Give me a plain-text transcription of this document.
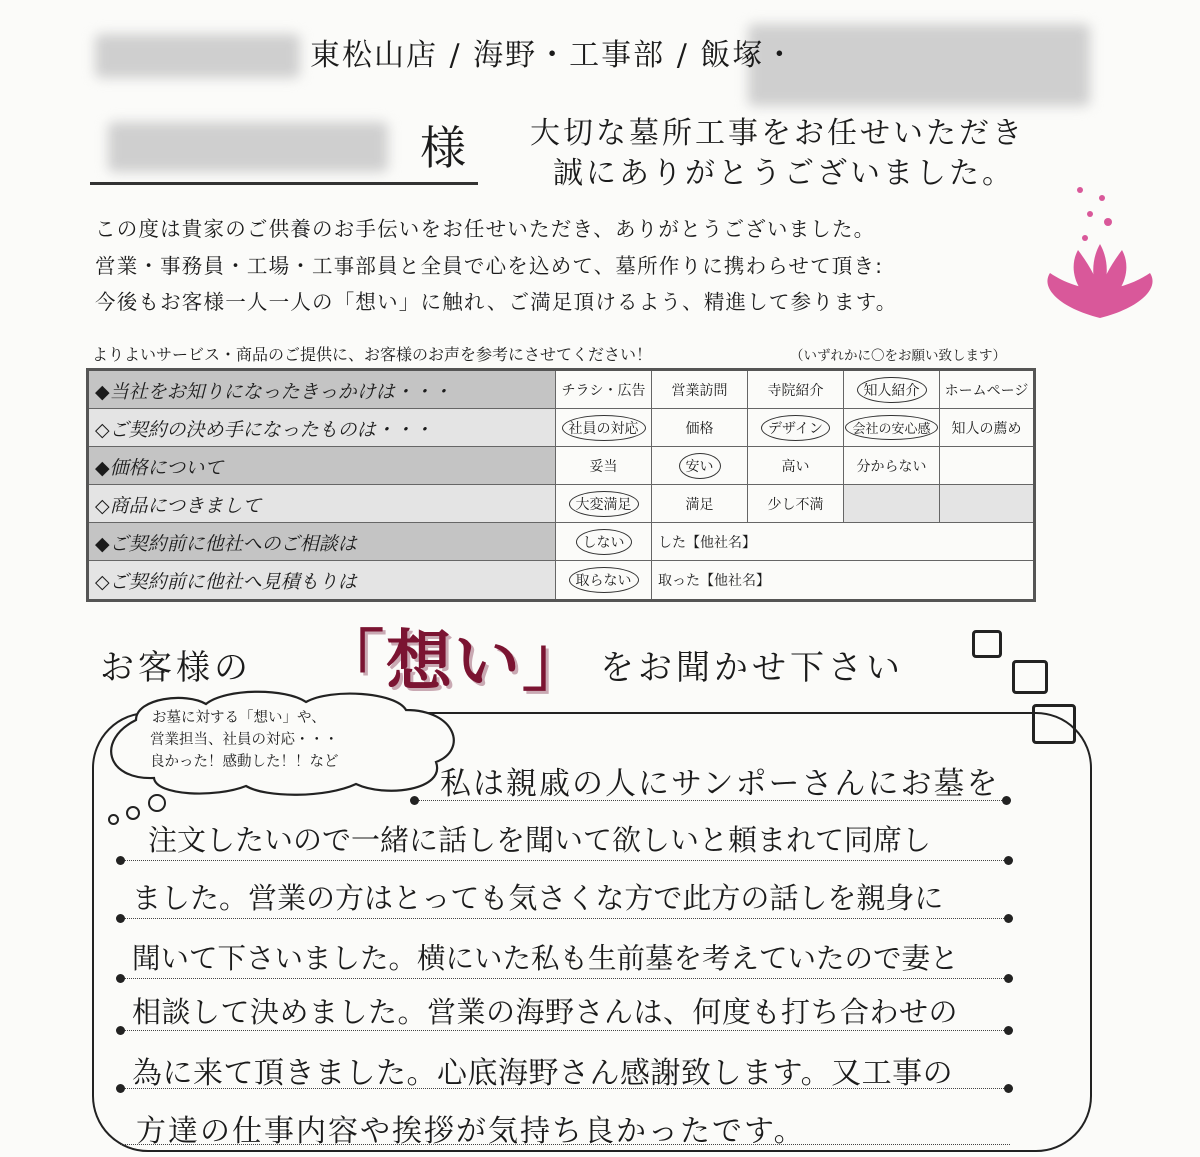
東松山店 / 海野・工事部 / 飯塚・
様 大切な墓所工事をお任せいただき
誠にありがとうございました。
この度は貴家のご供養のお手伝いをお任せいただき、ありがとうございました。
営業・事務員・工場・工事部員と全員で心を込めて、墓所作りに携わらせて頂き:
今後もお客様一人一人の「想い」に触れ、ご満足頂けるよう、精進して参ります。
よりよいサービス・商品のご提供に、お客様のお声を参考にさせてください！	（いずれかに〇をお願い致します）
◆当社をお知りになったきっかけは・・・	チラシ・広告	営業訪問	寺院紹介	知人紹介	ホームページ
◇ご契約の決め手になったものは・・・	社員の対応	価格	デザイン	会社の安心感	知人の薦め
◆価格について	妥当	安い	高い	分からない
◇商品につきまして	大変満足	満足	少し不満
◆ご契約前に他社へのご相談は	しない	した【他社名】
◇ご契約前に他社へ見積もりは	取らない	取った【他社名】
お客様の 「想い」 をお聞かせ下さい
お墓に対する「想い」や、
営業担当、社員の対応・・・
良かった！感動した！！など
私は親戚の人にサンポーさんにお墓を
注文したいので一緒に話しを聞いて欲しいと頼まれて同席し
ました。営業の方はとっても気さくな方で此方の話しを親身に
聞いて下さいました。横にいた私も生前墓を考えていたので妻と
相談して決めました。営業の海野さんは、何度も打ち合わせの
為に来て頂きました。心底海野さん感謝致します。又工事の
方達の仕事内容や挨拶が気持ち良かったです。
